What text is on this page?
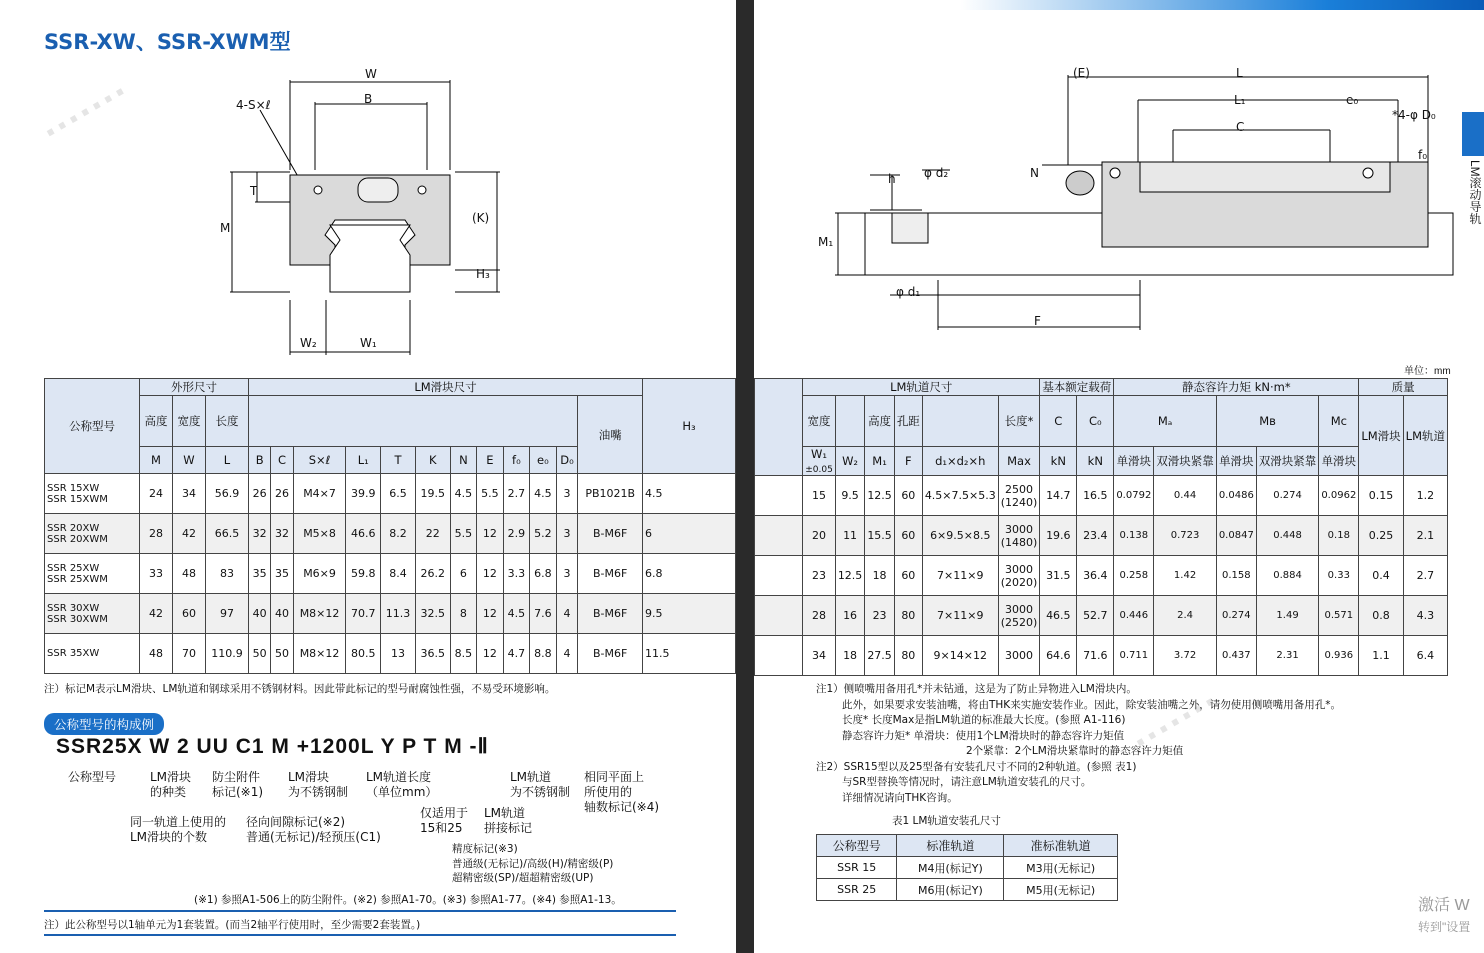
SSR-XW、SSR-XWM型
LM滚动导轨
·······
·······
W
B
4-S×ℓ
T
M
(K)
H₃
W₂	W₁
(E)	L
L₁	e₀
*4-φ D₀
C
f₀
φ d₂	N
h
M₁
φ d₁
F
单位：mm
公称型号	外形尺寸			LM滑块尺寸												H₃
	高度	宽度	长度												油嘴	
	M	W	L	B	C	S×ℓ	L₁	T	K	N	E	f₀	e₀	D₀		
SSR 15XW
SSR 15XWM	24	34	56.9	26	26	M4×7	39.9	6.5	19.5	4.5	5.5	2.7	4.5	3	PB1021B	4.5
SSR 20XW
SSR 20XWM	28	42	66.5	32	32	M5×8	46.6	8.2	22	5.5	12	2.9	5.2	3	B-M6F	6
SSR 25XW
SSR 25XWM	33	48	83	35	35	M6×9	59.8	8.4	26.2	6	12	3.3	6.8	3	B-M6F	6.8
SSR 30XW
SSR 30XWM	42	60	97	40	40	M8×12	70.7	11.3	32.5	8	12	4.5	7.6	4	B-M6F	9.5
SSR 35XW	48	70	110.9	50	50	M8×12	80.5	13	36.5	8.5	12	4.7	8.8	4	B-M6F	11.5
注）标记M表示LM滑块、LM轨道和钢球采用不锈钢材料。因此带此标记的型号耐腐蚀性强，不易受环境影响。
	LM轨道尺寸						基本额定载荷		静态容许力矩 kN·m*					质量	
	宽度		高度	孔距		长度*	C	C₀	Mₐ		Mв		Mc	LM滑块	LM轨道
	W₁
±0.05	W₂	M₁	F	d₁×d₂×h	Max	kN	kN	单滑块	双滑块紧靠	单滑块	双滑块紧靠	单滑块		
	15	9.5	12.5	60	4.5×7.5×5.3	2500
(1240)	14.7	16.5	0.0792	0.44	0.0486	0.274	0.0962	0.15	1.2
	20	11	15.5	60	6×9.5×8.5	3000
(1480)	19.6	23.4	0.138	0.723	0.0847	0.448	0.18	0.25	2.1
	23	12.5	18	60	7×11×9	3000
(2020)	31.5	36.4	0.258	1.42	0.158	0.884	0.33	0.4	2.7
	28	16	23	80	7×11×9	3000
(2520)	46.5	52.7	0.446	2.4	0.274	1.49	0.571	0.8	4.3
	34	18	27.5	80	9×14×12	3000	64.6	71.6	0.711	3.72	0.437	2.31	0.936	1.1	6.4
注1）侧喷嘴用备用孔*并未钻通，这是为了防止异物进入LM滑块内。
此外，如果要求安装油嘴，将由THK来实施安装作业。因此，除安装油嘴之外，请勿使用侧喷嘴用备用孔*。
长度* 长度Max是指LM轨道的标准最大长度。(参照 A1-116)
静态容许力矩* 单滑块：使用1个LM滑块时的静态容许力矩值
2个紧靠：2个LM滑块紧靠时的静态容许力矩值
注2）SSR15型以及25型备有安装孔尺寸不同的2种轨道。(参照 表1)
与SR型替换等情况时，请注意LM轨道安装孔的尺寸。
详细情况请向THK咨询。
表1 LM轨道安装孔尺寸
公称型号	标准轨道	准标准轨道
SSR 15	M4用(标记Y)	M3用(无标记)
SSR 25	M6用(标记Y)	M5用(无标记)
公称型号的构成例
SSR25X W 2 UU C1 M +1200L Y P T M -Ⅱ
公称型号	LM滑块
的种类
防尘附件
标记(※1)
LM滑块
为不锈钢制
LM轨道长度
（单位mm）
LM轨道
为不锈钢制
相同平面上
所使用的
轴数标记(※4)
同一轨道上使用的
LM滑块的个数
径向间隙标记(※2)
普通(无标记)/轻预压(C1)
仅适用于
15和25
LM轨道
拼接标记
精度标记(※3)
普通级(无标记)/高级(H)/精密级(P)
超精密级(SP)/超超精密级(UP)
(※1) 参照A1-506上的防尘附件。(※2) 参照A1-70。(※3) 参照A1-77。(※4) 参照A1-13。
注）此公称型号以1轴单元为1套装置。(而当2轴平行使用时，至少需要2套装置。)
激活 W
转到"设置
